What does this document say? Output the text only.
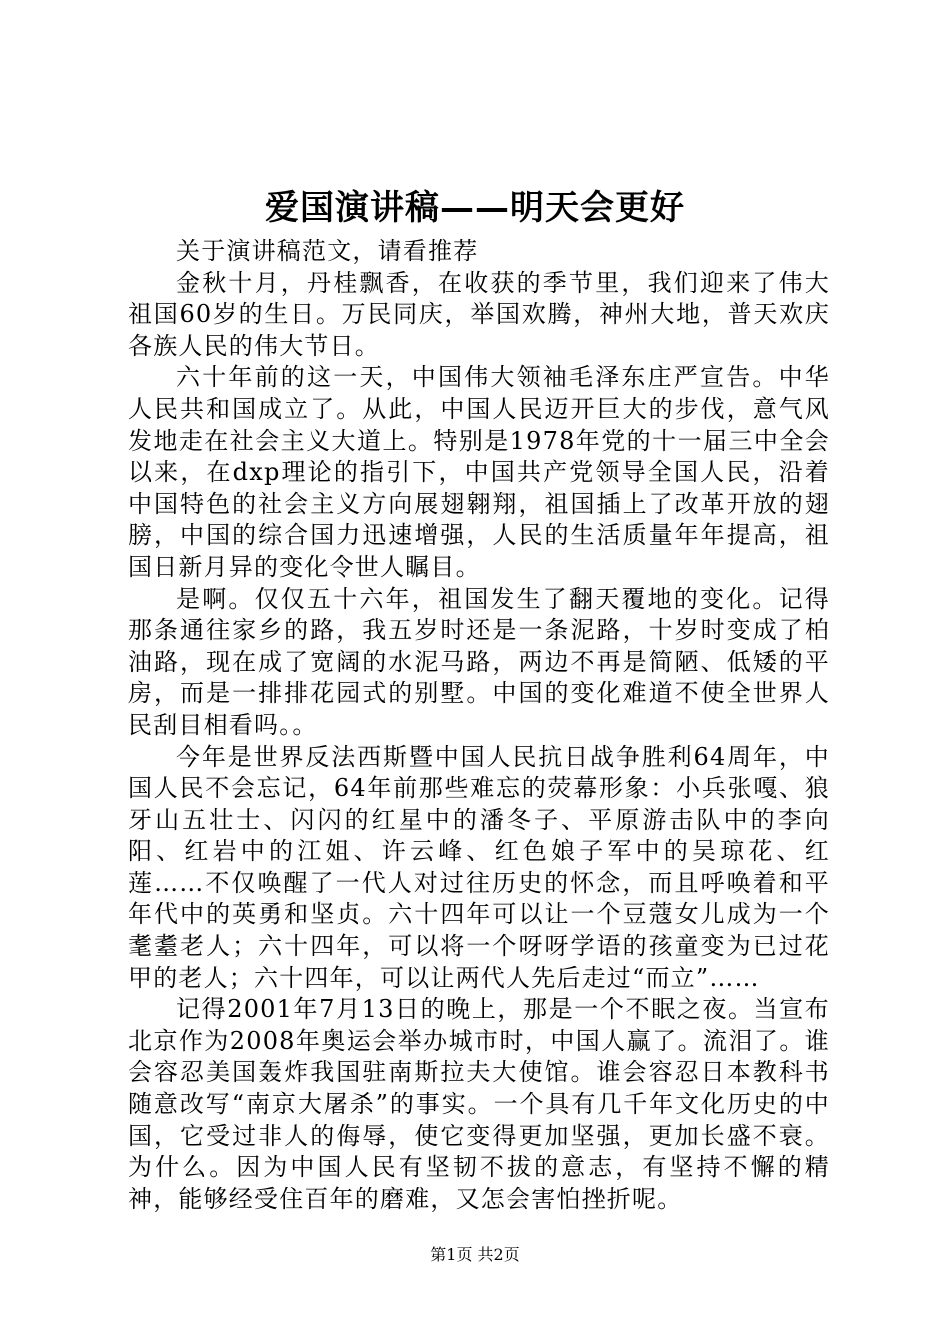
爱国演讲稿——明天会更好

关于演讲稿范文，请看推荐

金秋十月，丹桂飘香，在收获的季节里，我们迎来了伟大祖国60岁的生日。万民同庆，举国欢腾，神州大地，普天欢庆各族人民的伟大节日。

六十年前的这一天，中国伟大领袖毛泽东庄严宣告。中华人民共和国成立了。从此，中国人民迈开巨大的步伐，意气风发地走在社会主义大道上。特别是1978年党的十一届三中全会以来，在dxp理论的指引下，中国共产党领导全国人民，沿着中国特色的社会主义方向展翅翱翔，祖国插上了改革开放的翅膀，中国的综合国力迅速增强，人民的生活质量年年提高，祖国日新月异的变化令世人瞩目。

是啊。仅仅五十六年，祖国发生了翻天覆地的变化。记得那条通往家乡的路，我五岁时还是一条泥路，十岁时变成了柏油路，现在成了宽阔的水泥马路，两边不再是简陋、低矮的平房，而是一排排花园式的别墅。中国的变化难道不使全世界人民刮目相看吗。。

今年是世界反法西斯暨中国人民抗日战争胜利64周年，中国人民不会忘记，64年前那些难忘的荧幕形象：小兵张嘎、狼牙山五壮士、闪闪的红星中的潘冬子、平原游击队中的李向阳、红岩中的江姐、许云峰、红色娘子军中的吴琼花、红莲……不仅唤醒了一代人对过往历史的怀念，而且呼唤着和平年代中的英勇和坚贞。六十四年可以让一个豆蔻女儿成为一个耄耋老人；六十四年，可以将一个呀呀学语的孩童变为已过花甲的老人；六十四年，可以让两代人先后走过“而立”……

记得2001年7月13日的晚上，那是一个不眠之夜。当宣布北京作为2008年奥运会举办城市时，中国人赢了。流泪了。谁会容忍美国轰炸我国驻南斯拉夫大使馆。谁会容忍日本教科书随意改写“南京大屠杀”的事实。一个具有几千年文化历史的中国，它受过非人的侮辱，使它变得更加坚强，更加长盛不衰。为什么。因为中国人民有坚韧不拔的意志，有坚持不懈的精神，能够经受住百年的磨难，又怎会害怕挫折呢。

第1页 共2页
